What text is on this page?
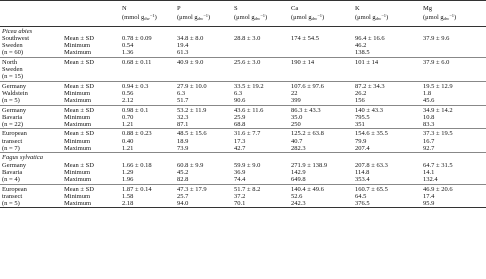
		N
(mmol $g_{dw}^{-1}$)	P
(μmol $g_{dw}^{-1}$)	S
(μmol $g_{dw}^{-1}$)	Ca
(μmol $g_{dw}^{-1}$)	K
(μmol $g_{dw}^{-1}$)	Mg
(μmol $g_{dw}^{-1}$)

Picea abies							
Southwest	Mean ± SD	0.78 ± 0.09	34.8 ± 8.0	28.8 ± 3.0	174 ± 54.5	96.4 ± 16.6	37.9 ± 9.6
Sweden	Minimum	0.54	19.4			46.2	
(n = 60)	Maximum	1.36	61.3			138.5	
North	Mean ± SD	0.68 ± 0.11	40.9 ± 9.0	25.6 ± 3.0	190 ± 14	101 ± 14	37.9 ± 6.0
Sweden							
(n = 15)							
Germany	Mean ± SD	0.94 ± 0.3	27.9 ± 10.0	33.5 ± 19.2	107.6 ± 97.6	87.2 ± 34.3	19.5 ± 12.9
Waldstein	Minimum	0.56	6.3	6.3	22	26.2	1.8
(n = 5)	Maximum	2.12	51.7	90.6	399	156	45.6
Germany	Mean ± SD	0.98 ± 0.1	53.2 ± 11.9	43.6 ± 11.6	86.3 ± 43.3	140 ± 43.3	34.9 ± 14.2
Bavaria	Minimum	0.70	32.3	25.9	35.0	795.5	10.8
(n = 22)	Maximum	1.21	87.1	68.8	250	351	83.3
European	Mean ± SD	0.88 ± 0.23	48.5 ± 15.6	31.6 ± 7.7	125.2 ± 63.8	154.6 ± 35.5	37.3 ± 19.5
transect	Minimum	0.40	18.9	17.3	40.7	79.9	16.7
(n = 7)	Maximum	1.21	73.9	42.7	282.3	207.4	92.7
Fagus sylvatica							
Germany	Mean ± SD	1.66 ± 0.18	60.8 ± 9.9	59.9 ± 9.0	271.9 ± 138.9	207.8 ± 63.3	64.7 ± 31.5
Bavaria	Minimum	1.29	45.2	36.9	142.9	114.8	14.1
(n = 4)	Maximum	1.96	82.8	74.4	649.8	353.4	132.4
European	Mean ± SD	1.87 ± 0.14	47.3 ± 17.9	51.7 ± 8.2	140.4 ± 49.6	160.7 ± 65.5	46.9 ± 20.6
transect	Minimum	1.58	25.7	37.2	52.6	64.5	17.4
(n = 5)	Maximum	2.18	94.0	70.1	242.3	376.5	95.9
